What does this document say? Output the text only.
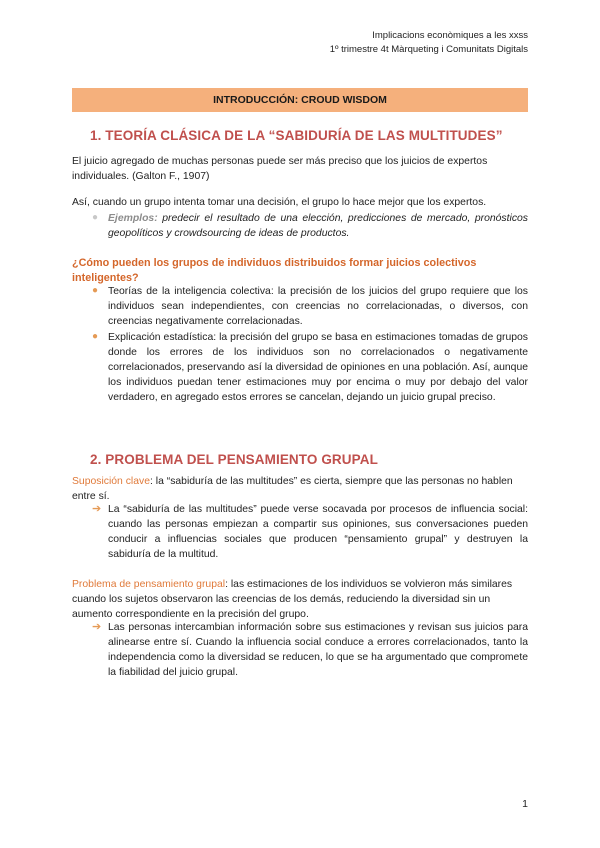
Implicacions econòmiques a les xxss
1º trimestre 4t Màrqueting i Comunitats Digitals
INTRODUCCIÓN: CROUD WISDOM
1. TEORÍA CLÁSICA DE LA “SABIDURÍA DE LAS MULTITUDES”
El juicio agregado de muchas personas puede ser más preciso que los juicios de expertos individuales. (Galton F., 1907)
Así, cuando un grupo intenta tomar una decisión, el grupo lo hace mejor que los expertos.
● Ejemplos: predecir el resultado de una elección, predicciones de mercado, pronósticos geopolíticos y crowdsourcing de ideas de productos.
¿Cómo pueden los grupos de individuos distribuidos formar juicios colectivos inteligentes?
● Teorías de la inteligencia colectiva: la precisión de los juicios del grupo requiere que los individuos sean independientes, con creencias no correlacionadas, o diversos, con creencias negativamente correlacionadas.
● Explicación estadística: la precisión del grupo se basa en estimaciones tomadas de grupos donde los errores de los individuos son no correlacionados o negativamente correlacionados, preservando así la diversidad de opiniones en una población. Así, aunque los individuos puedan tener estimaciones muy por encima o muy por debajo del valor verdadero, en agregado estos errores se cancelan, dejando un juicio grupal preciso.
2. PROBLEMA DEL PENSAMIENTO GRUPAL
Suposición clave: la “sabiduría de las multitudes” es cierta, siempre que las personas no hablen entre sí.
➔ La “sabiduría de las multitudes” puede verse socavada por procesos de influencia social: cuando las personas empiezan a compartir sus opiniones, sus conversaciones pueden conducir a influencias sociales que producen “pensamiento grupal” y destruyen la sabiduría de la multitud.
Problema de pensamiento grupal: las estimaciones de los individuos se volvieron más similares cuando los sujetos observaron las creencias de los demás, reduciendo la diversidad sin un aumento correspondiente en la precisión del grupo.
➔ Las personas intercambian información sobre sus estimaciones y revisan sus juicios para alinearse entre sí. Cuando la influencia social conduce a errores correlacionados, tanto la independencia como la diversidad se reducen, lo que se ha argumentado que compromete la fiabilidad del juicio grupal.
1
